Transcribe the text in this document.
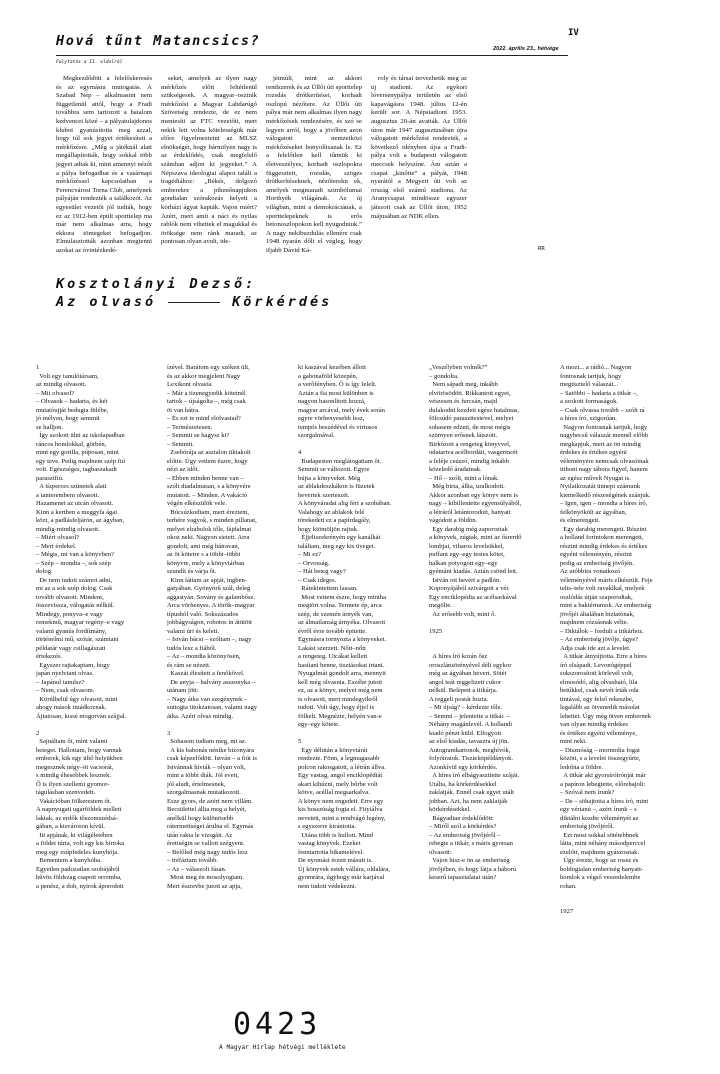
Hová tűnt Matancsics?	IV
2022. április 23., hétvége
Folytatás a II. oldalról

Megkezdődött a felelőskeresés és az egymásra mutogatás. A Szabad Nép – alkalmasint nem függetlenül attól, hogy a Fradi továbbra sem tartozott a hatalom kedvencei közé – a pályatulajdonos klubot gyanúsította meg azzal, hogy túl sok jegyet értékesített a mérkőzésre. „Még a játéknál alatt megállapították, hogy sokkal több jegyet adtak ki, mint amennyi nézőt a pálya befogadhat és a vasárnapi mérkőzéssel kapcsolatban a Ferencvárosi Torna Club, amelynek pályáján rendezték a találkozót. Az egyesület vezetői jól tudták, hogy ez az 1912-ben épült sporttelep ma már nem alkalmas arra, hogy ekkora tömegeket befogadjon. Elmulasztották azonban megtenni azokat az óvintézkedé-

seket, amelyek az ilyen nagy mérkőzés előtt feltétlenül szükségesek. A magyar–osztrák mérkőzést a Magyar Labdarúgó Szövetség rendezte, de ez nem mentesíti az FTC vezetőit, mert nekik lett volna kötelességük már előre figyelmeztetni az MLSZ elnökségét, hogy bármilyen nagy is az érdeklődés, csak megfelelő számban adjon ki jegyeket.” A Népszava ideológiai alapot talált a tragédiához: „Békés, dolgozó emberekre a pihenőnapjukon gondtalan szórakozás helyett a kórházi ágyat kapták. Vajon miért? Azért, mert amit a náci és nyilas rablók nem vihettek el magukkal és öröksége nem ránk maradt, az pontosan olyan avult, ide-

jétmúlt, mint az akkori rendszerek és az Üllői úti sporttelep rozsdás drótkerítései, korhadt oszlopú nézőtere. Az Üllői úti pálya már nem alkalmas ilyen nagy mérkőzések rendezésére, és szó se legyen arról, hogy a jövőben azon válogatott nemzetközi mérkőzéseket bonyolítsanak le. Ez a felelőtlen kell tűnnük ki életveszélyes, korhadt oszlopokra függesztett, rozsdás, szöges drótkerítéseknek, nézőterekn ek, amelyek megmaradt szimbólumai Horthyék világának. Az új világban, mint a demokráciának, a sporttelepeknek is erős betonoszlopokon kell nyugodniuk.” A nagy nekibuzdulás ellenére csak 1948 nyarán dőlt el végleg, hogy ifjabb Dávid Ká-

roly és társai tervezhetik meg az új stadiont. Az egykori lóversenypálya területén az első kapavágásra 1948. július 12-én került sor. A Népstadiont 1953. augusztus 20-án avatták. Az Üllői úton már 1947 augusztusában újra válogatott mérkőzést rendeztek, a következő idényben újra a Fradi-pálya volt a budapesti válogatott meccsek helyszíne. Ám aztán a csapat „kinőtte” a pályát, 1948 nyarától a Megyeri úti volt az ország első számú stadiona. Az Aranycsapat mindössze egyszer játszott csak az Üllői úton, 1952 májusában az NDK ellen.

RR
Kosztolányi Dezső:
Az olvasó	Körkérdés
1
Volt egy tanulótársam,
az mindig olvasott.
– Mit olvasol?
– Olvasok – hadarta, és két
mutatóujját bedugta fülébe,
jó mélyen, hogy semmit
se halljon.
Így szokott ülni az iskolapadban
ráncos homlokkal, görbén,
mint egy gorilla, púposan, mint
egy teve. Pedig majdnem szép fiú
volt. Egészséges, tagbaszakadt
parasztfiú.
A tízperces szünetek alatt
a tanterembem olvasott.
Hazamenet az utcán olvasott.
Kinn a kertben a meggyfa ágai
közt, a padlásfeljárón, az ágyban,
mindig-mindig olvasott.
– Miért olvasol?
– Mert érdekel.
– Mégis, mi van a könyvben?
– Szép – mondta –, sok szép
dolog.
De nem tudott számot adni,
mi az a sok szép dolog. Csak
tovább olvasott. Mindent,
összevissza, válogatás nélkül.
Mindegy, ponyva–e vagy
remekmű, magyar regény–e vagy
valami gyanús fordítmány,
történelmi mű, szótár, számtani
példatár vagy csillagászati
értekezés.
Egyszer rajtakaptam, hogy
japán nyelvtant olvas.
– Japánul tanulsz?
– Nem, csak olvasom.
Körülbelül úgy olvasott, mint
ahogy mások imádkoznak.
Ájtatosan, kissé mogorván szájjal.

2
Sajnáltam őt, mint valami
beteget. Hallottam, hogy vannak
emberek, kik egy ültő helyükben
megesznek négy–öt vacsorát,
s mindig éhesebbek lesznek.
Ő is ilyen szellemi gyomor-
tágulásban szenvedett.
Vakációban fölkerestem őt.
A napnyugati ugarföldek mellett
laktak, az erdők tőszomszédsá-
gában, a kisvároson kívül.
Itt apjának, ki világéletében
a földet túrta, volt egy kis birtoka
meg egy zsúpfedeles kunyhója.
Bementem a kunyhóba.
Egyetlen padozatlan szobájából
hűvös földszag csapott orromba,
a penész, a doh, nyirok áporodott
ízével. Barátom egy széken ült,
és az akkor megjelent Nagy
Lexikont olvasta.
– Már a tizenegyedik kötetnél
tartok – újságolta –, még csak
öt van hátra.
– És ezt te mind elolvastad?
– Természetesen.
– Semmit se hagysz ki?
– Semmit.
Zsebórája az asztalon tiktakolt
előtte. Úgy vettem észre, hogy
nézi az időt.
– Ebben minden benne van –
szólt diadalmasan, s a könyvére
mutatott. – Minden. A vakáció
végén elkészülök vele.
Búcsúzkodtam, mert éreztem,
terhére vagyok, s minden pillanat,
melyet elrabolok tőle, fájdalmat
okoz neki. Nagyon sietett. Arra
gondolt, ami még hátravan,
az öt kötetre s a többi–többi
könyvre, mely a könyvtárban
szundít és várja őt.
Kinn láttam az apját, ingben-
gatyában. Gyönyörű szál, deleg
aggastyán. Sovány és galambősz.
Arca vörhenyes. A török–magyar
típusból való. Sokszázados
jobbágyságon, robotos in átütött
valami úri és keleti.
– István bácsi – szóltam –, nagy
tudós lesz a fiából.
– Az – mondta közönyösen,
és rám se nézett.
Kaszát élesített a fenőkővel.
De anyja – halvány asszonyka –
utánam jött:
– Nagy átka van szegénynek –
suttogta titokzatosan, valami nagy
átka. Azért olvas mindig.

3
Sohasem tudtam meg, mi az.
A kis babonás nénike bizonyára
csak képzelődött. István – a fiút is
Istvánnak hívták – olyan volt,
mint a többi diák. Jól evett,
jól aludt, értelmesnek,
szorgalmasnak mutatkozott.
Esze gyors, de azért nem villám.
Becsülettel állta meg a helyét,
anélkül hogy különösebb
rátermettséget árulna el. Egymás
után rakta le vizsgáit. Az
érettségin se vallott szégyent.
– Belőled még nagy tudós lesz
– tréfáztam tovább.
– Az – válaszolt fásan.
Most meg én mosolyogtam.
Mert észrevbe jutott az apja,
ki kaszával kezében állott
a gabonaföld közepén,
a verőfényben. Ő is így felelt.
Aztán a fia most különben is
nagyon hasonlított hozzá,
magyar arcával, mely évek során
egyre vörhenyesebb lesz,
tempós beszédével és virtusos
szorgalmával.

4
Budapesten meglátogattam őt.
Semmit se változott. Egyre
bújta a könyveket. Még
az ablakdeszkákon is füzetek
hevertek szerteszét.
A könyváradat alig fért a szobában.
Valahogy az ablakok felé
törekedett ez a papírdagály,
hogy kiömöljön rajtuk.
Éjjeliszekrényén egy kanálkát
találtam, meg egy kis üveget.
– Mi ez?
– Orvosság.
– Hát beteg vagy?
– Csak ideges.
Rátekintettem lassan.
Most vettem észre, hogy mintha
megtört volna. Termete ép, arca
szép, de szemén árnyék van,
az álmatlanság árnyéka. Olvasott
évről évre tovább épitette.
Egymásra tornyozta a könyveket.
Lakást szerzett. Nőtt–nőtt
a rengeteg. Utcákat kellett
hasítani benne, tisztásokat irtani.
Nyugalmát gondolt arra, mennyit
kell még olvasnia. Eszébe jutott
ez, az a könyv, melyet még nem
is olvasott, mert mindegyikről
tudott. Volt úgy, hogy éjjel is
fölkelt. Megnézte, helyén van-e
egy–egy kötete.

5
Egy délután a könyvtárát
rendezte. Fönn, a legmagasabb
polcon rakosgatott, a létrán állva.
Egy vastag, angol enciklopédiát
akart kihúzni, mely bőrbe volt
kötve, acéllal megsarkalva.
A könyv nem engedett. Erre egy
kis bosszúság fogta el. Fityiálva
nevetett, mint a rendvágó legény,
s egyszerre kirántotta.
Utána több is hullott. Mind
vastag könyvek. Ezeket
fenntartotta bikamelével.
De nyomást érzett másutt is.
Új könyvek estek vállára, oldalára,
gyomrára, úgyhogy már karjával
nem tudott védekezni.
„Veszélyben volnék?”
– gondolta.
Nem sápadt meg, inkább
elvörösödött. Rikkantott egyet,
vészesen és furcsán, majd
dulakodni kezdett egész hatalmas,
fölcsúdó paraszttestevel, melyet
sohasem edzett, de most mégis
szörnyen erősnek látszott.
Birkózott a rengeteg könyvvel,
odatartva acélbordáit, vasgerincét
a feléje csúszó, mindig inkább
közeledő áradatnak.
– Hő – szólt, mint a lónak.
Még birta, állta, uralkodott.
Akkor azonban egy könyv nem is
nagy – kibillentette egyensúlyából,
a létráról letántorodott, hanyatt
vágódott a földön.
Egy darabig még zaporoztak
a könyvek, zúgtak, mint az ősrerdő
lombjai, viharos leveleikkel,
puffant egy–egy testes kötet,
halkan potyogott egy–egy
gyémánt kiadás. Aztán csönd lett.
István ott hevert a padlón.
Koponyájából szivárgott a vér.
Egy enciklopédia az acélsarkával
megölte.
Az erősebb volt, mint ő.

1925

A híres író korán ősz
oroszlánsörényével déli egykor
még az ágyában hevert. Sötét
angol teát reggelizett cukor
nélkül. Belépett a titkárja.
A reggeli postát hozta.
– Mi újság? – kérdezte tőle.
– Semmi – jelentette a titkár. –
Néhány magánlevél. A hollandi
kiadó pénzt küld. Elfogyott
az első kiadás, tavaszra új jön.
Autogramkartonok, meghívók,
folyóiratok. Tiszteletpéldányok.
Azonkívül egy körkérdés.
A híres író elbágyaszttette száját.
Utálta, ha körkérdésekkel
zaklatják. Ennél csak egyet utált
jobban. Azt, ha nem zaklatják
körkérdésekkel.
Bágyadtan érdeklődött:
– Miről szól a körkérdés?
– Az emberiség jövőjéről –
rebegte a titkár, s máris gyorsan
olvasott:
Vajon hisz-e ön az emberiség
jövőjében, és hogy látja a háború
keserű tapasztalatai után?
A mozi... a rádió... Nagyon
fontosnak tartjuk, hogy
megtisztelő válaszát...
– Satöbbi – hadarta a titkár –,
a szokott formaságok.
– Csak olvassa tovább – szólt rá
a híres író, szigorúan.
Nagyon fontosnak tartjuk, hogy
nagybecsű válaszát mennél előbb
megkapjuk, mert az ön mindig
érdekes és értékes egyéni
véleményére nemcsak olvasóinak
itthoni nagy tábora figyel, hanem
az egész művelt Nyugat is.
Nyilatkozatát ünnepi számunk
kiemelkedő részeségének szánjuk.
– Igen, igen – mondta a híres író,
felkönyökölt az ágyában,
és elmerengett.
Egy darabig merengett. Részint
a holland forintokon merengett,
részint mindig érdekes és értékes
egyéni véleményén, részint
pedig az emberiség jövőjén.
Az utóbbira vonatkozó
véleményével máris elkészült. Feje
telis–tele volt ravaklkal, melyek
oszlódás útján szaporodtak,
mint a baktériumok. Az emberiség
jövőjét általában biztatónak,
majdnem rózsásnak vélte.
– Diktálok – fordult a titkárhoz.
– Az emberiség jövője, úgye?
Adja csak ide azt a levelet.
A titkár átnyújtotta. Erre a híres
író elsápadt. Levonógéppel
sokszorosított körlevél volt,
elmosódó, alig olvasható, lila
betűkkel, csak nevét írták oda
tintával, egy felső rekeszbe,
legalább az ötvenedik másolat
lehettet. Úgy még ötven embernek
van olyan mindig érdekes
és értékes egyéni véleménye,
mint neki.
– Disznóság – mormolta fogai
között, s a levelet összegyűrte,
ledobta a földre.
A titkár aki gyorsíróirónját már
a papíron lebegtette, előrehajolt:
– Szóval nem írunk?
– De – söhajtotta a híres író, mint
egy vértanú –, azért írunk – s
diktálni kezdte véleményét az
emberiség jövőjéről.
Ezt most sokkal sötétebbnek
látta, mint néhány másodperccel
ezelőtt, majdnem gyászosnak.
Úgy érezte, hogy az rossz és
boldogtalan emberiség hanyatt-
homlok a végső veszedelembe
rohan.

1927
0423
A Magyar Hírlap hétvégi melléklete
